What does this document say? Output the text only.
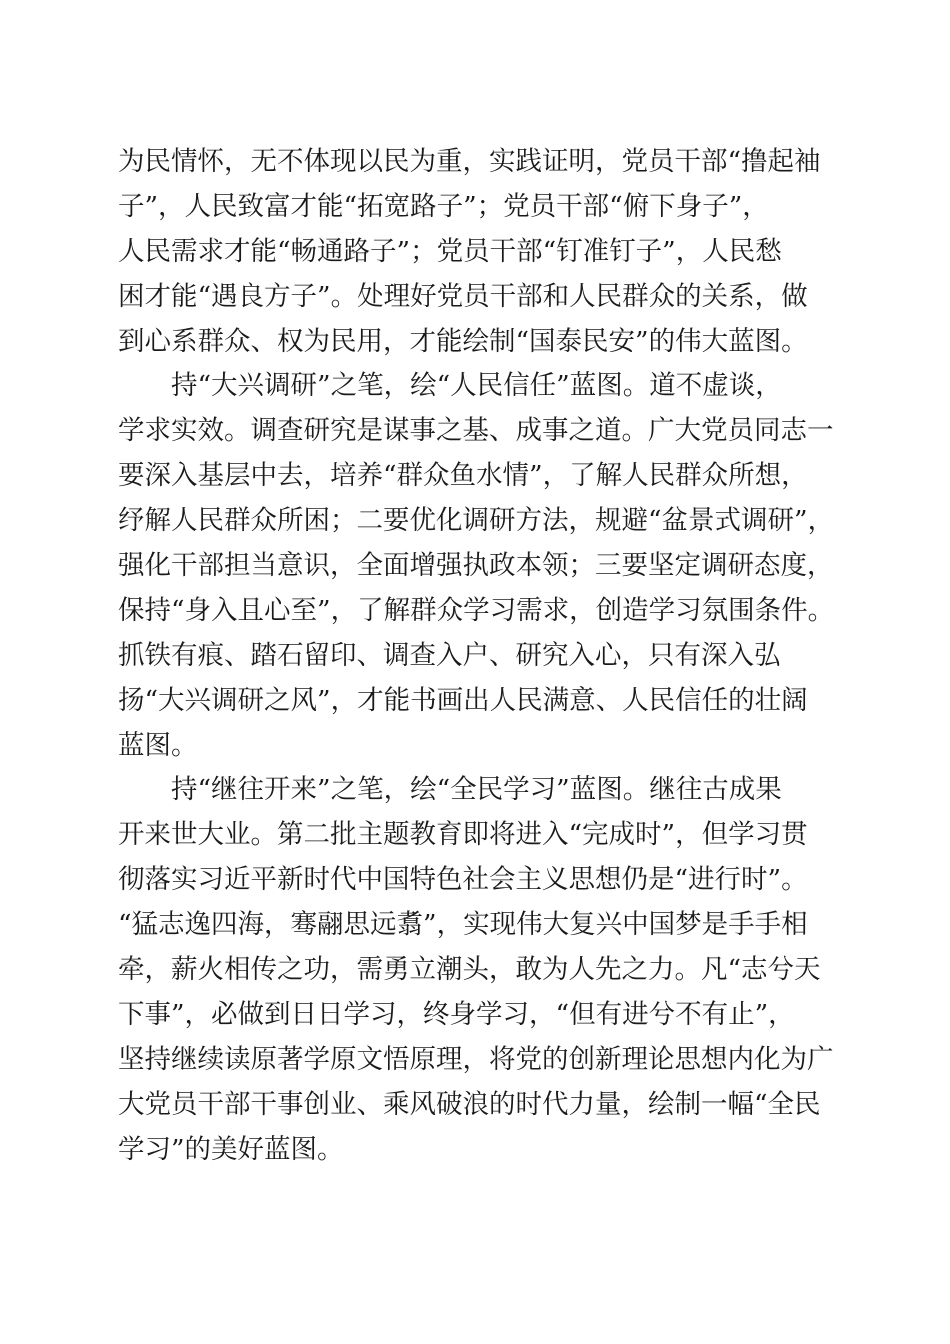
为民情怀，无不体现以民为重，实践证明，党员干部“撸起袖
子”，人民致富才能“拓宽路子”；党员干部“俯下身子”，
人民需求才能“畅通路子”；党员干部“钉准钉子”，人民愁
困才能“遇良方子”。处理好党员干部和人民群众的关系，做
到心系群众、权为民用，才能绘制“国泰民安”的伟大蓝图。
持“大兴调研”之笔，绘“人民信任”蓝图。道不虚谈，
学求实效。调查研究是谋事之基、成事之道。广大党员同志一
要深入基层中去，培养“群众鱼水情”，了解人民群众所想，
纾解人民群众所困；二要优化调研方法，规避“盆景式调研”，
强化干部担当意识，全面增强执政本领；三要坚定调研态度，
保持“身入且心至”，了解群众学习需求，创造学习氛围条件。
抓铁有痕、踏石留印、调查入户、研究入心，只有深入弘
扬“大兴调研之风”，才能书画出人民满意、人民信任的壮阔
蓝图。
持“继往开来”之笔，绘“全民学习”蓝图。继往古成果
开来世大业。第二批主题教育即将进入“完成时”，但学习贯
彻落实习近平新时代中国特色社会主义思想仍是“进行时”。
“猛志逸四海，骞翮思远翥”，实现伟大复兴中国梦是手手相
牵，薪火相传之功，需勇立潮头，敢为人先之力。凡“志兮天
下事”，必做到日日学习，终身学习，“但有进兮不有止”，
坚持继续读原著学原文悟原理，将党的创新理论思想内化为广
大党员干部干事创业、乘风破浪的时代力量，绘制一幅“全民
学习”的美好蓝图。
